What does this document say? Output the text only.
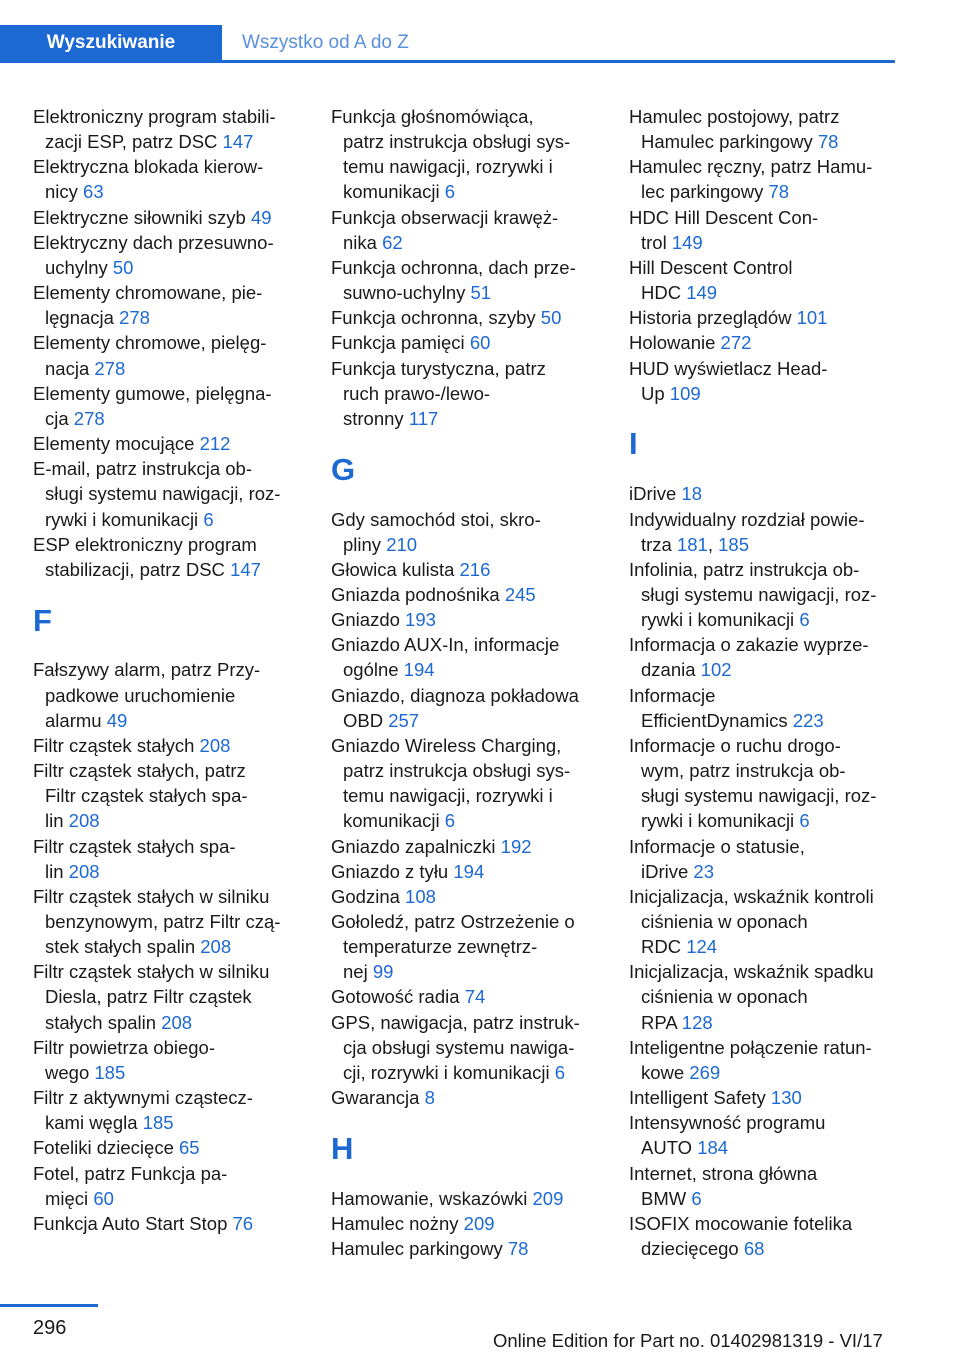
Wyszukiwanie	Wszystko od A do Z
Elektroniczny program stabili‐
zacji ESP, patrz DSC 147
Elektryczna blokada kierow‐
nicy 63
Elektryczne siłowniki szyb 49
Elektryczny dach przesuwno‐
uchylny 50
Elementy chromowane, pie‐
lęgnacja 278
Elementy chromowe, pielęg‐
nacja 278
Elementy gumowe, pielęgna‐
cja 278
Elementy mocujące 212
E-mail, patrz instrukcja ob‐
sługi systemu nawigacji, roz‐
rywki i komunikacji 6
ESP elektroniczny program
stabilizacji, patrz DSC 147
F
Fałszywy alarm, patrz Przy‐
padkowe uruchomienie
alarmu 49
Filtr cząstek stałych 208
Filtr cząstek stałych, patrz
Filtr cząstek stałych spa‐
lin 208
Filtr cząstek stałych spa‐
lin 208
Filtr cząstek stałych w silniku
benzynowym, patrz Filtr czą‐
stek stałych spalin 208
Filtr cząstek stałych w silniku
Diesla, patrz Filtr cząstek
stałych spalin 208
Filtr powietrza obiego‐
wego 185
Filtr z aktywnymi cząstecz‐
kami węgla 185
Foteliki dziecięce 65
Fotel, patrz Funkcja pa‐
mięci 60
Funkcja Auto Start Stop 76
Funkcja głośnomówiąca,
patrz instrukcja obsługi sys‐
temu nawigacji, rozrywki i
komunikacji 6
Funkcja obserwacji krawęż‐
nika 62
Funkcja ochronna, dach prze‐
suwno-uchylny 51
Funkcja ochronna, szyby 50
Funkcja pamięci 60
Funkcja turystyczna, patrz
ruch prawo-/lewo‐
stronny 117
G
Gdy samochód stoi, skro‐
pliny 210
Głowica kulista 216
Gniazda podnośnika 245
Gniazdo 193
Gniazdo AUX-In, informacje
ogólne 194
Gniazdo, diagnoza pokładowa
OBD 257
Gniazdo Wireless Charging,
patrz instrukcja obsługi sys‐
temu nawigacji, rozrywki i
komunikacji 6
Gniazdo zapalniczki 192
Gniazdo z tyłu 194
Godzina 108
Gołoledź, patrz Ostrzeżenie o
temperaturze zewnętrz‐
nej 99
Gotowość radia 74
GPS, nawigacja, patrz instruk‐
cja obsługi systemu nawiga‐
cji, rozrywki i komunikacji 6
Gwarancja 8
H
Hamowanie, wskazówki 209
Hamulec nożny 209
Hamulec parkingowy 78
Hamulec postojowy, patrz
Hamulec parkingowy 78
Hamulec ręczny, patrz Hamu‐
lec parkingowy 78
HDC Hill Descent Con‐
trol 149
Hill Descent Control
HDC 149
Historia przeglądów 101
Holowanie 272
HUD wyświetlacz Head-
Up 109
I
iDrive 18
Indywidualny rozdział powie‐
trza 181, 185
Infolinia, patrz instrukcja ob‐
sługi systemu nawigacji, roz‐
rywki i komunikacji 6
Informacja o zakazie wyprze‐
dzania 102
Informacje
EfficientDynamics 223
Informacje o ruchu drogo‐
wym, patrz instrukcja ob‐
sługi systemu nawigacji, roz‐
rywki i komunikacji 6
Informacje o statusie,
iDrive 23
Inicjalizacja, wskaźnik kontroli
ciśnienia w oponach
RDC 124
Inicjalizacja, wskaźnik spadku
ciśnienia w oponach
RPA 128
Inteligentne połączenie ratun‐
kowe 269
Intelligent Safety 130
Intensywność programu
AUTO 184
Internet, strona główna
BMW 6
ISOFIX mocowanie fotelika
dziecięcego 68
296
Online Edition for Part no. 01402981319 - VI/17
